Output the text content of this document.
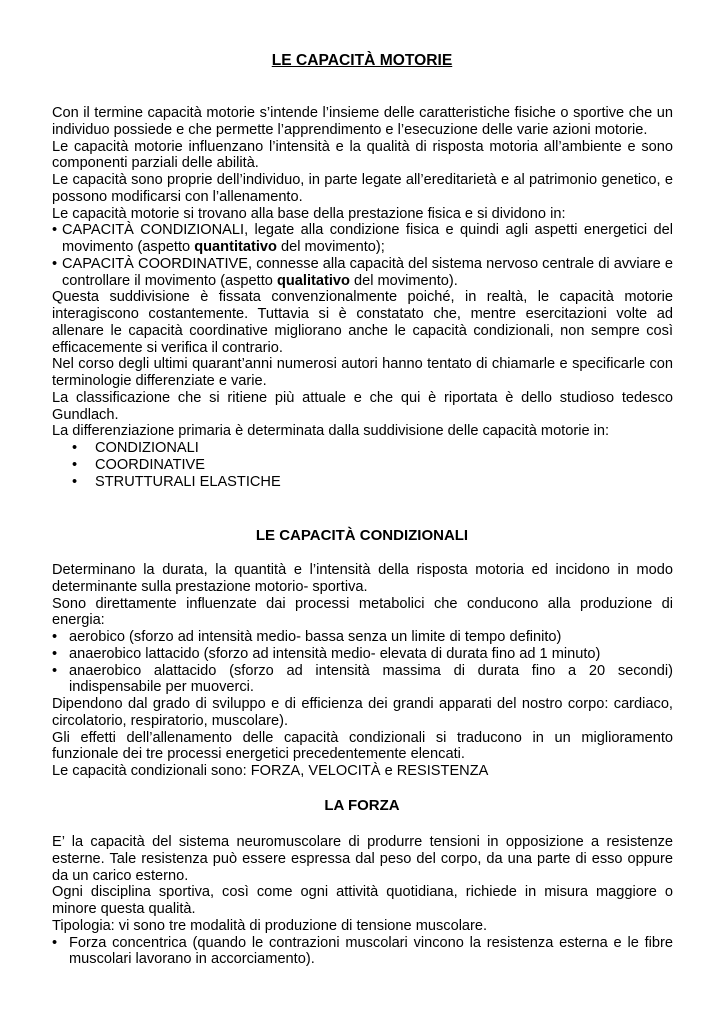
LE CAPACITÀ MOTORIE

Con il termine capacità motorie s’intende l’insieme delle caratteristiche fisiche o sportive che un individuo possiede e che permette l’apprendimento e l’esecuzione delle varie azioni motorie.

Le capacità motorie influenzano l’intensità e la qualità di risposta motoria all’ambiente e sono componenti parziali delle abilità.

Le capacità sono proprie dell’individuo, in parte legate all’ereditarietà e al patrimonio genetico, e possono modificarsi con l’allenamento.

Le capacità motorie si trovano alla base della prestazione fisica e si dividono in:

• CAPACITÀ CONDIZIONALI, legate alla condizione fisica e quindi agli aspetti energetici del movimento (aspetto quantitativo del movimento);
• CAPACITÀ COORDINATIVE, connesse alla capacità del sistema nervoso centrale di avviare e controllare il movimento (aspetto qualitativo del movimento).

Questa suddivisione è fissata convenzionalmente poiché, in realtà, le capacità motorie interagiscono costantemente. Tuttavia si è constatato che, mentre esercitazioni volte ad allenare le capacità coordinative migliorano anche le capacità condizionali, non sempre così efficacemente si verifica il contrario.

Nel corso degli ultimi quarant’anni numerosi autori hanno tentato di chiamarle e specificarle con terminologie differenziate e varie.

La classificazione che si ritiene più attuale e che qui è riportata è dello studioso tedesco Gundlach.

La differenziazione primaria è determinata dalla suddivisione delle capacità motorie in:

• CONDIZIONALI
• COORDINATIVE
• STRUTTURALI ELASTICHE
LE CAPACITÀ CONDIZIONALI

Determinano la durata, la quantità e l’intensità della risposta motoria ed incidono in modo determinante sulla prestazione motorio- sportiva.

Sono direttamente influenzate dai processi metabolici che conducono alla produzione di energia:

• aerobico (sforzo ad intensità medio- bassa senza un limite di tempo definito)
• anaerobico lattacido (sforzo ad intensità medio- elevata di durata fino ad 1 minuto)
• anaerobico alattacido (sforzo ad intensità massima di durata fino a 20 secondi) indispensabile per muoverci.

Dipendono dal grado di sviluppo e di efficienza dei grandi apparati del nostro corpo: cardiaco, circolatorio, respiratorio, muscolare).

Gli effetti dell’allenamento delle capacità condizionali si traducono in un miglioramento funzionale dei tre processi energetici precedentemente elencati.

Le capacità condizionali sono: FORZA, VELOCITÀ e RESISTENZA

LA FORZA

E’ la capacità del sistema neuromuscolare di produrre tensioni in opposizione a resistenze esterne. Tale resistenza può essere espressa dal peso del corpo, da una parte di esso oppure da un carico esterno.

Ogni disciplina sportiva, così come ogni attività quotidiana, richiede in misura maggiore o minore questa qualità.

Tipologia: vi sono tre modalità di produzione di tensione muscolare.

• Forza concentrica (quando le contrazioni muscolari vincono la resistenza esterna e le fibre muscolari lavorano in accorciamento).
